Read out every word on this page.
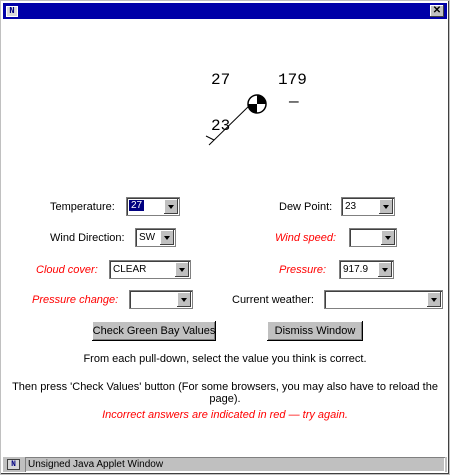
N	✕
27	179
—
23
Temperature: 27	Dew Point: 23
Wind Direction: SW	Wind speed:
Cloud cover: CLEAR	Pressure: 917.9
Pressure change:	Current weather:
Check Green Bay Values	Dismiss Window
From each pull-down, select the value you think is correct.
Then press 'Check Values' button (For some browsers, you may also have to reload the page).
Incorrect answers are indicated in red — try again.
N	Unsigned Java Applet Window
